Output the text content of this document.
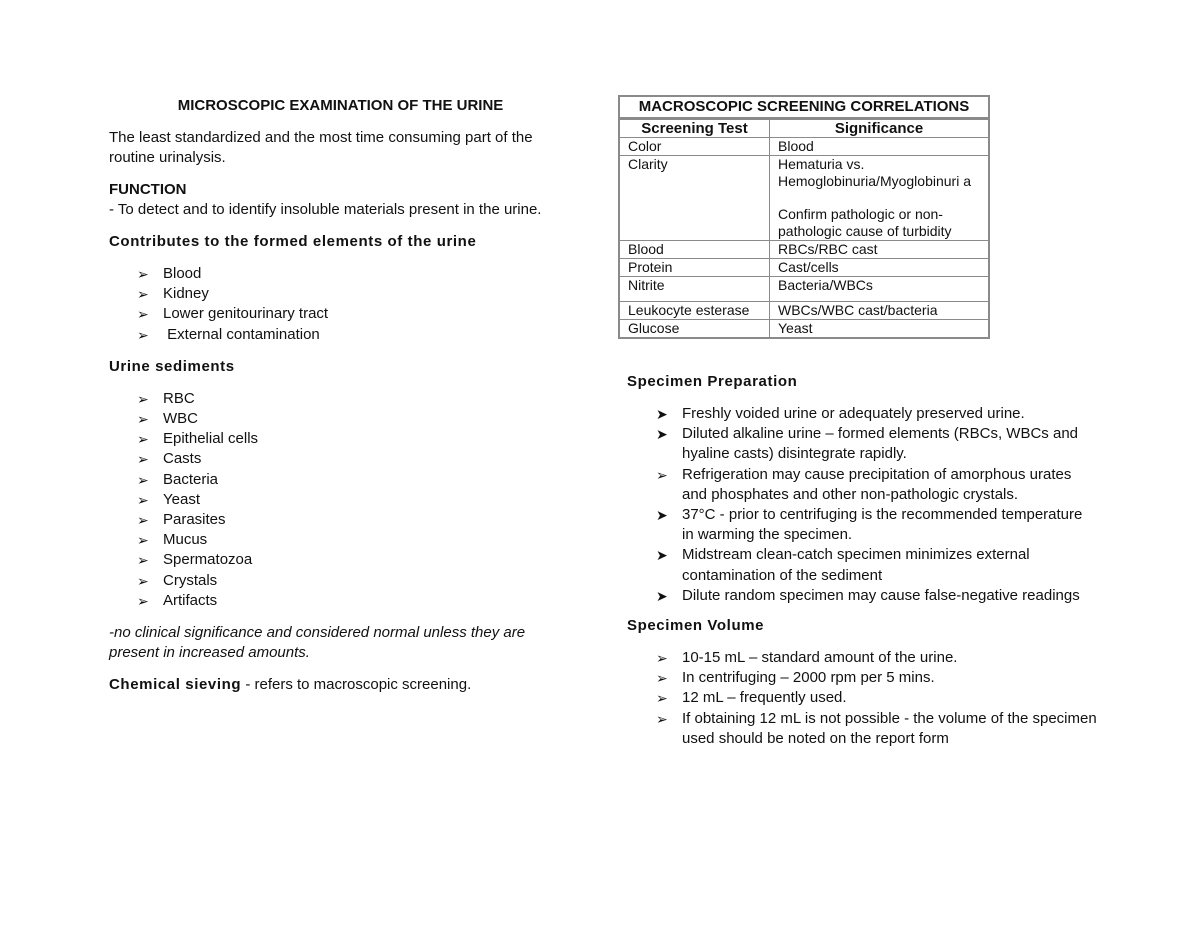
MICROSCOPIC EXAMINATION OF THE URINE

The least standardized and the most time consuming part of the routine urinalysis.

FUNCTION

- To detect and to identify insoluble materials present in the urine.

Contributes to the formed elements of the urine

➢ Blood
➢ Kidney
➢ Lower genitourinary tract
➢ External contamination

Urine sediments

➢ RBC
➢ WBC
➢ Epithelial cells
➢ Casts
➢ Bacteria
➢ Yeast
➢ Parasites
➢ Mucus
➢ Spermatozoa
➢ Crystals
➢ Artifacts

-no clinical significance and considered normal unless they are present in increased amounts.

Chemical sieving - refers to macroscopic screening.

MACROSCOPIC SCREENING CORRELATIONS	
Screening Test	Significance
Color	Blood
Clarity	Hematuria vs. Hemoglobinuria/Myoglobinuri a
Confirm pathologic or non-pathologic cause of turbidity

Blood	RBCs/RBC cast
Protein	Cast/cells
Nitrite	Bacteria/WBCs
Leukocyte esterase	WBCs/WBC cast/bacteria
Glucose	Yeast

Specimen Preparation

➤ Freshly voided urine or adequately preserved urine.
➤ Diluted alkaline urine – formed elements (RBCs, WBCs and hyaline casts) disintegrate rapidly.
➢ Refrigeration may cause precipitation of amorphous urates and phosphates and other non-pathologic crystals.
➤ 37°C - prior to centrifuging is the recommended temperature in warming the specimen.
➤ Midstream clean-catch specimen minimizes external contamination of the sediment
➤ Dilute random specimen may cause false-negative readings

Specimen Volume

➢ 10-15 mL – standard amount of the urine.
➢ In centrifuging – 2000 rpm per 5 mins.
➢ 12 mL – frequently used.
➢ If obtaining 12 mL is not possible - the volume of the specimen used should be noted on the report form
